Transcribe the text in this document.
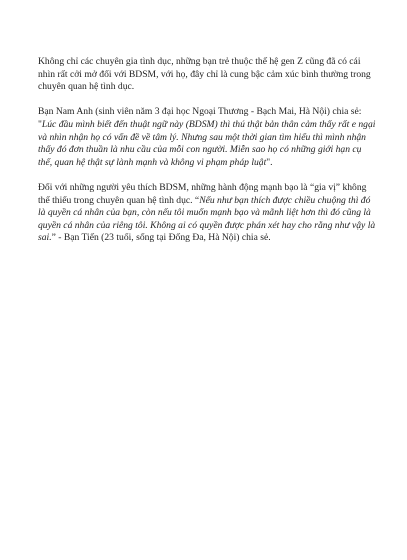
Không chỉ các chuyên gia tình dục, những bạn trẻ thuộc thế hệ gen Z cũng đã có cái nhìn rất cởi mở đối với BDSM, với họ, đây chỉ là cung bậc cảm xúc bình thường trong chuyên quan hệ tình dục.

Bạn Nam Anh (sinh viên năm 3 đại học Ngoại Thương - Bạch Mai, Hà Nội) chia sẻ: "Lúc đầu mình biết đến thuật ngữ này (BDSM) thì thú thật bản thân cảm thấy rất e ngại và nhìn nhận họ có vấn đề về tâm lý. Nhưng sau một thời gian tìm hiểu thì mình nhận thấy đó đơn thuần là nhu cầu của mỗi con người. Miễn sao họ có những giới hạn cụ thể, quan hệ thật sự lành mạnh và không vi phạm pháp luật".

Đối với những người yêu thích BDSM, những hành động mạnh bạo là “gia vị” không thể thiếu trong chuyên quan hệ tình dục. “Nếu như bạn thích được chiều chuộng thì đó là quyền cá nhân của bạn, còn nếu tôi muốn mạnh bạo và mãnh liệt hơn thì đó cũng là quyền cá nhân của riêng tôi. Không ai có quyền được phán xét hay cho rằng như vậy là sai.” - Bạn Tiến (23 tuổi, sống tại Đống Đa, Hà Nội) chia sẻ.
